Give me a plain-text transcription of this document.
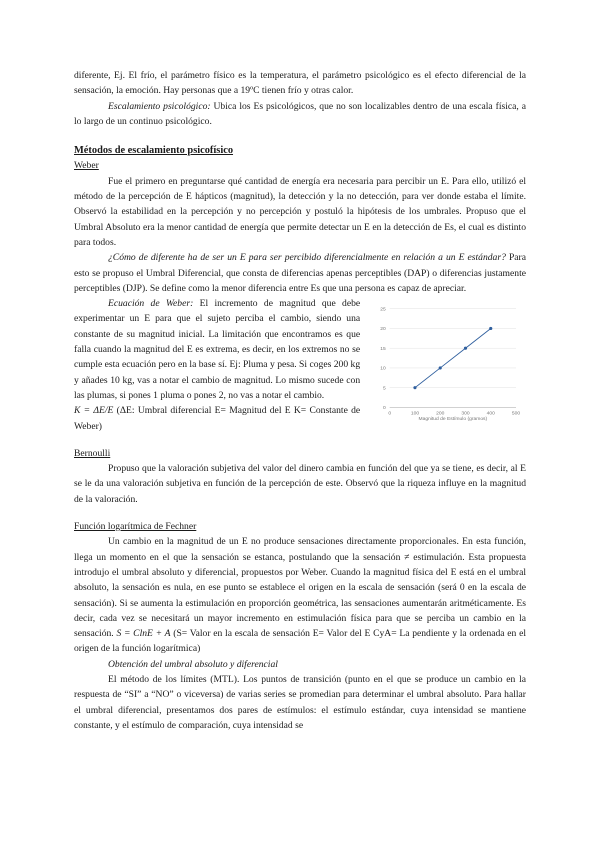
diferente, Ej. El frío, el parámetro físico es la temperatura, el parámetro psicológico es el efecto diferencial de la sensación, la emoción. Hay personas que a 19ºC tienen frío y otras calor.

Escalamiento psicológico: Ubica los Es psicológicos, que no son localizables dentro de una escala física, a lo largo de un continuo psicológico.

Métodos de escalamiento psicofísico

Weber

Fue el primero en preguntarse qué cantidad de energía era necesaria para percibir un E. Para ello, utilizó el método de la percepción de E hápticos (magnitud), la detección y la no detección, para ver donde estaba el límite. Observó la estabilidad en la percepción y no percepción y postuló la hipótesis de los umbrales. Propuso que el Umbral Absoluto era la menor cantidad de energía que permite detectar un E en la detección de Es, el cual es distinto para todos.

¿Cómo de diferente ha de ser un E para ser percibido diferencialmente en relación a un E estándar? Para esto se propuso el Umbral Diferencial, que consta de diferencias apenas perceptibles (DAP) o diferencias justamente perceptibles (DJP). Se define como la menor diferencia entre Es que una persona es capaz de apreciar.

Ecuación de Weber: El incremento de magnitud que debe experimentar un E para que el sujeto perciba el cambio, siendo una constante de su magnitud inicial. La limitación que encontramos es que falla cuando la magnitud del E es extrema, es decir, en los extremos no se cumple esta ecuación pero en la base sí. Ej: Pluma y pesa. Si coges 200 kg y añades 10 kg, vas a notar el cambio de magnitud. Lo mismo sucede con las plumas, si pones 1 pluma o pones 2, no vas a notar el cambio.

K = ΔE/E (ΔE: Umbral diferencial E= Magnitud del E K= Constante de Weber)

0
5
10
15
20
25
0	100	200	300	400	500
Magnitud de Estímulo (gramos)

Bernoulli

Propuso que la valoración subjetiva del valor del dinero cambia en función del que ya se tiene, es decir, al E se le da una valoración subjetiva en función de la percepción de este. Observó que la riqueza influye en la magnitud de la valoración.

Función logarítmica de Fechner

Un cambio en la magnitud de un E no produce sensaciones directamente proporcionales. En esta función, llega un momento en el que la sensación se estanca, postulando que la sensación ≠ estimulación. Esta propuesta introdujo el umbral absoluto y diferencial, propuestos por Weber. Cuando la magnitud física del E está en el umbral absoluto, la sensación es nula, en ese punto se establece el origen en la escala de sensación (será 0 en la escala de sensación). Si se aumenta la estimulación en proporción geométrica, las sensaciones aumentarán aritméticamente. Es decir, cada vez se necesitará un mayor incremento en estimulación física para que se perciba un cambio en la sensación. S = ClnE + A (S= Valor en la escala de sensación E= Valor del E CyA= La pendiente y la ordenada en el origen de la función logarítmica)

Obtención del umbral absoluto y diferencial

El método de los límites (MTL). Los puntos de transición (punto en el que se produce un cambio en la respuesta de “SI” a “NO” o viceversa) de varias series se promedian para determinar el umbral absoluto. Para hallar el umbral diferencial, presentamos dos pares de estímulos: el estímulo estándar, cuya intensidad se mantiene constante, y el estímulo de comparación, cuya intensidad se
